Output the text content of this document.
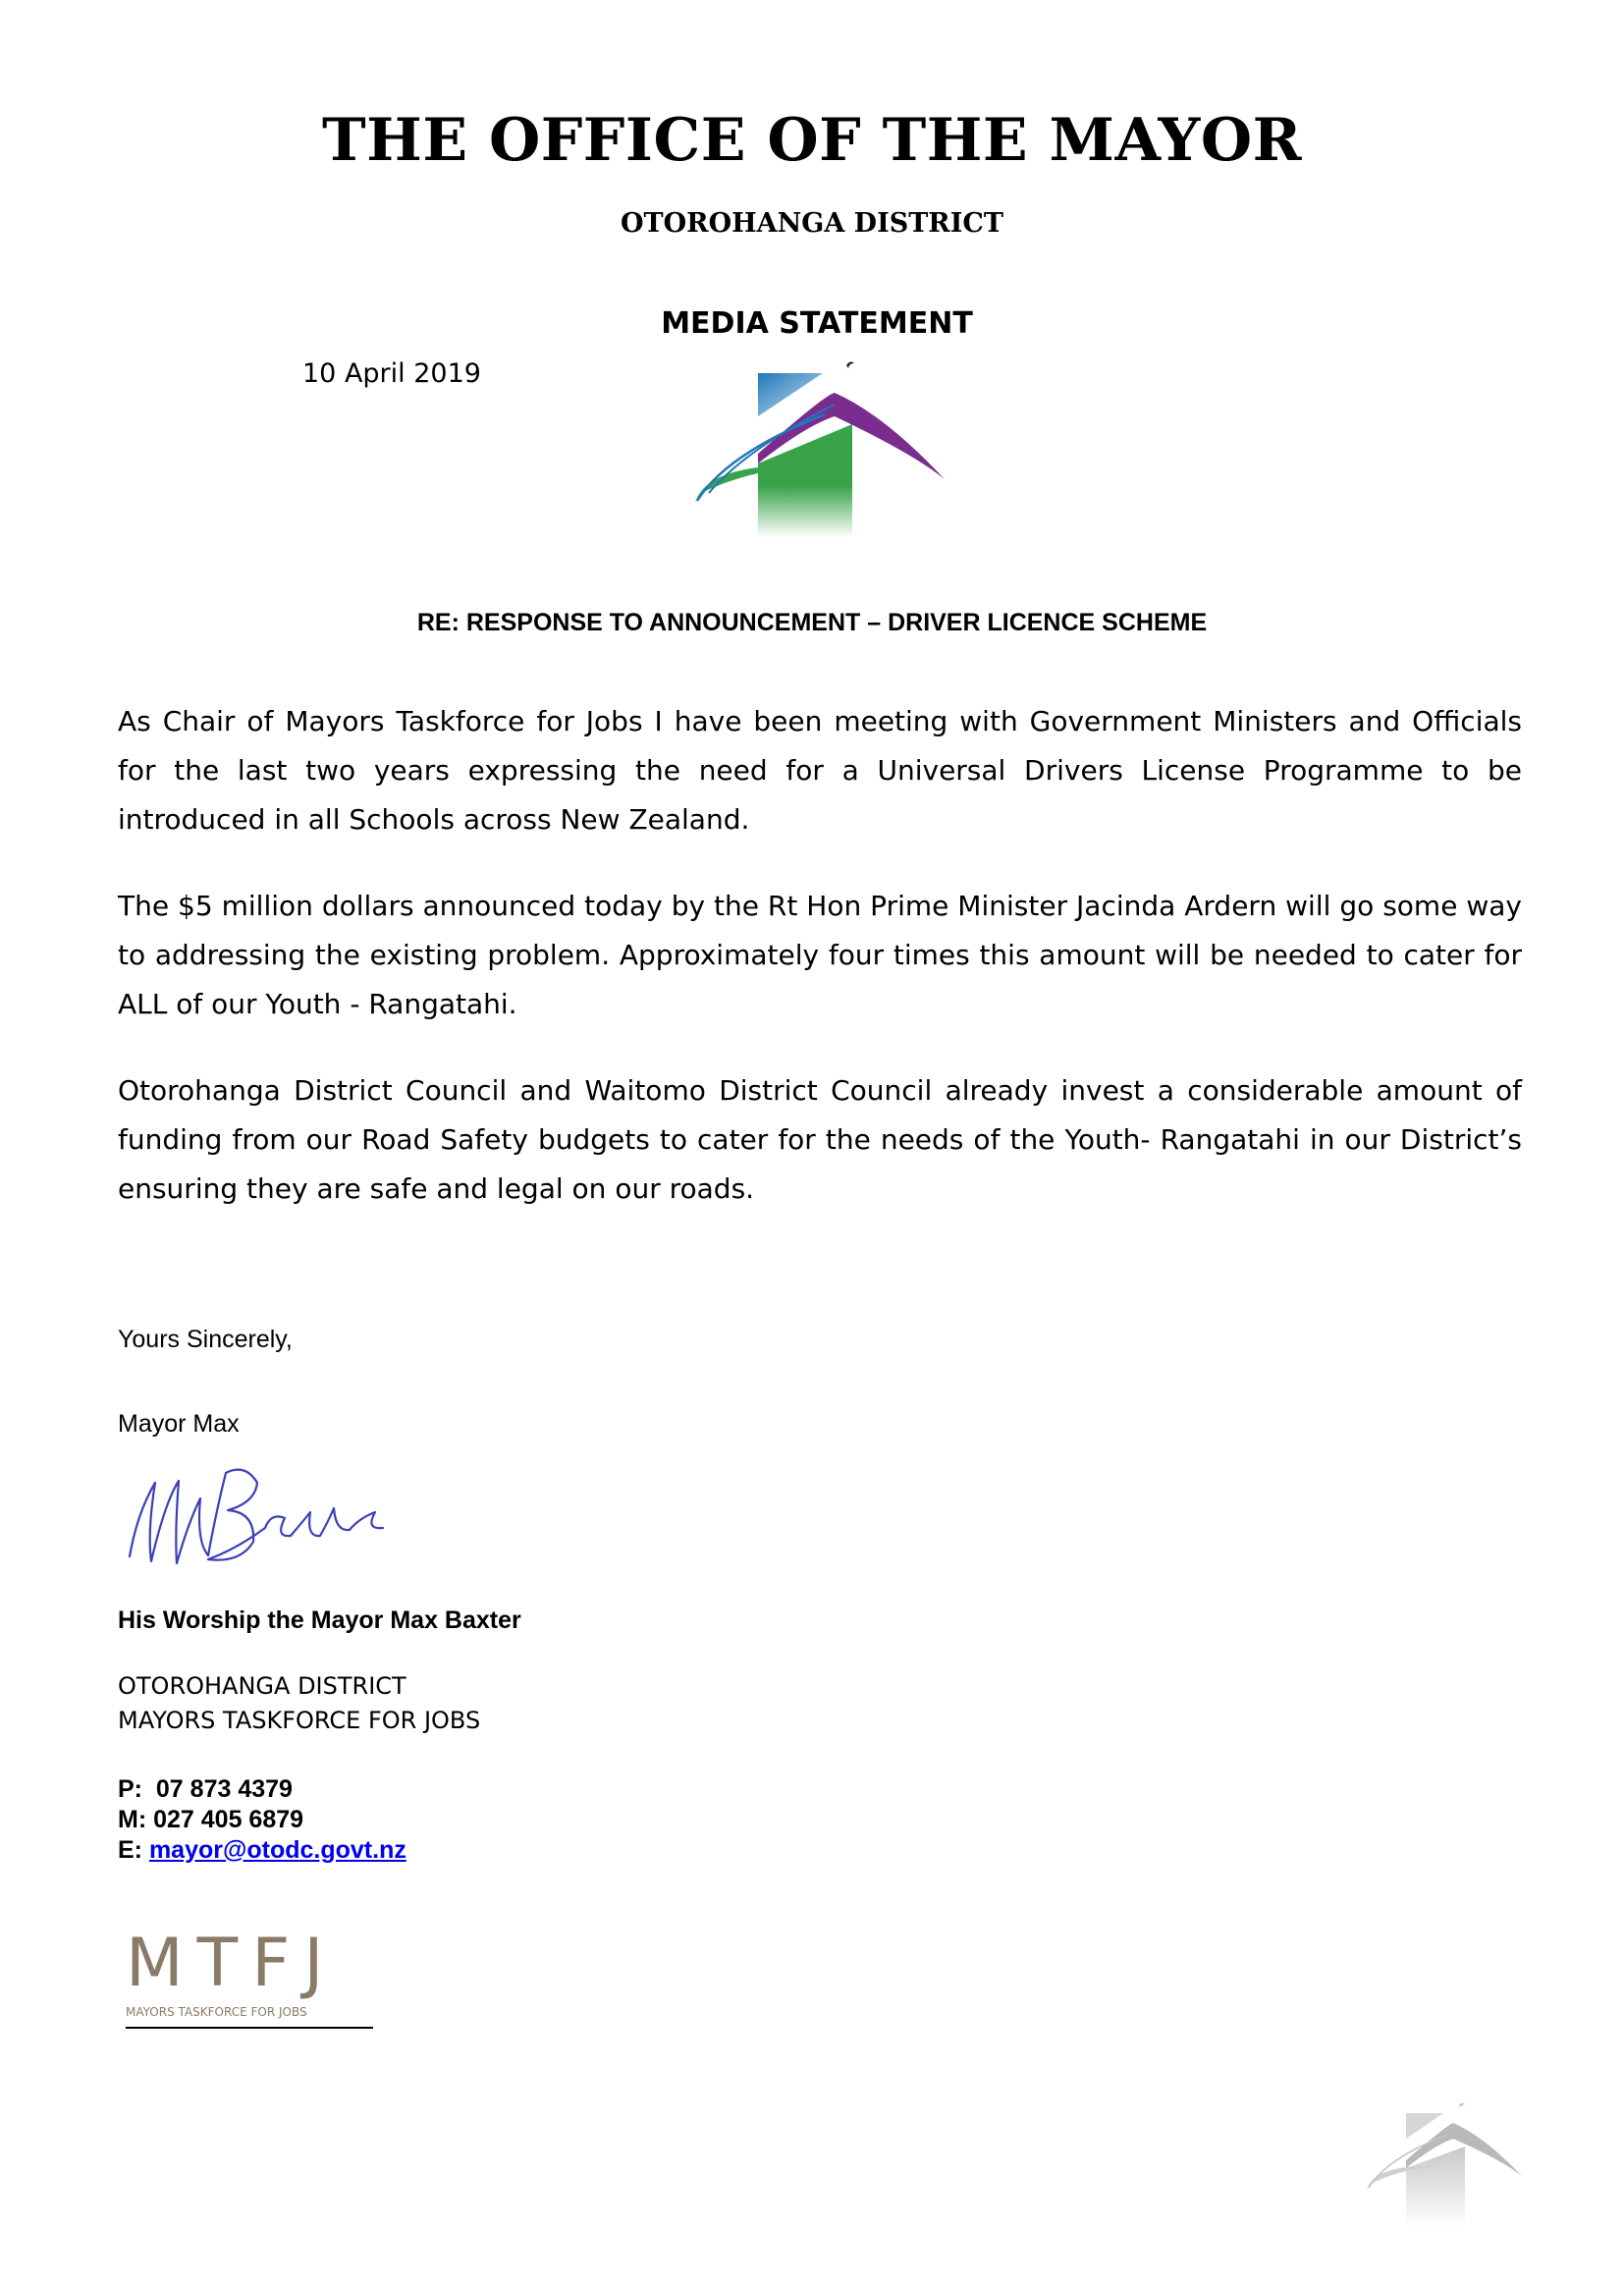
THE OFFICE OF THE MAYOR
OTOROHANGA DISTRICT
MEDIA STATEMENT
10 April 2019
RE: RESPONSE TO ANNOUNCEMENT – DRIVER LICENCE SCHEME
As Chair of Mayors Taskforce for Jobs I have been meeting with Government Ministers and Officials for the last two years expressing the need for a Universal Drivers License Programme to be introduced in all Schools across New Zealand.
The $5 million dollars announced today by the Rt Hon Prime Minister Jacinda Ardern will go some way to addressing the existing problem. Approximately four times this amount will be needed to cater for ALL of our Youth - Rangatahi.
Otorohanga District Council and Waitomo District Council already invest a considerable amount of funding from our Road Safety budgets to cater for the needs of the Youth- Rangatahi in our District’s ensuring they are safe and legal on our roads.
Yours Sincerely,
Mayor Max
His Worship the Mayor Max Baxter
OTOROHANGA DISTRICT
MAYORS TASKFORCE FOR JOBS
P: 07 873 4379
M: 027 405 6879
E: mayor@otodc.govt.nz
MTFJ
MAYORS TASKFORCE FOR JOBS
